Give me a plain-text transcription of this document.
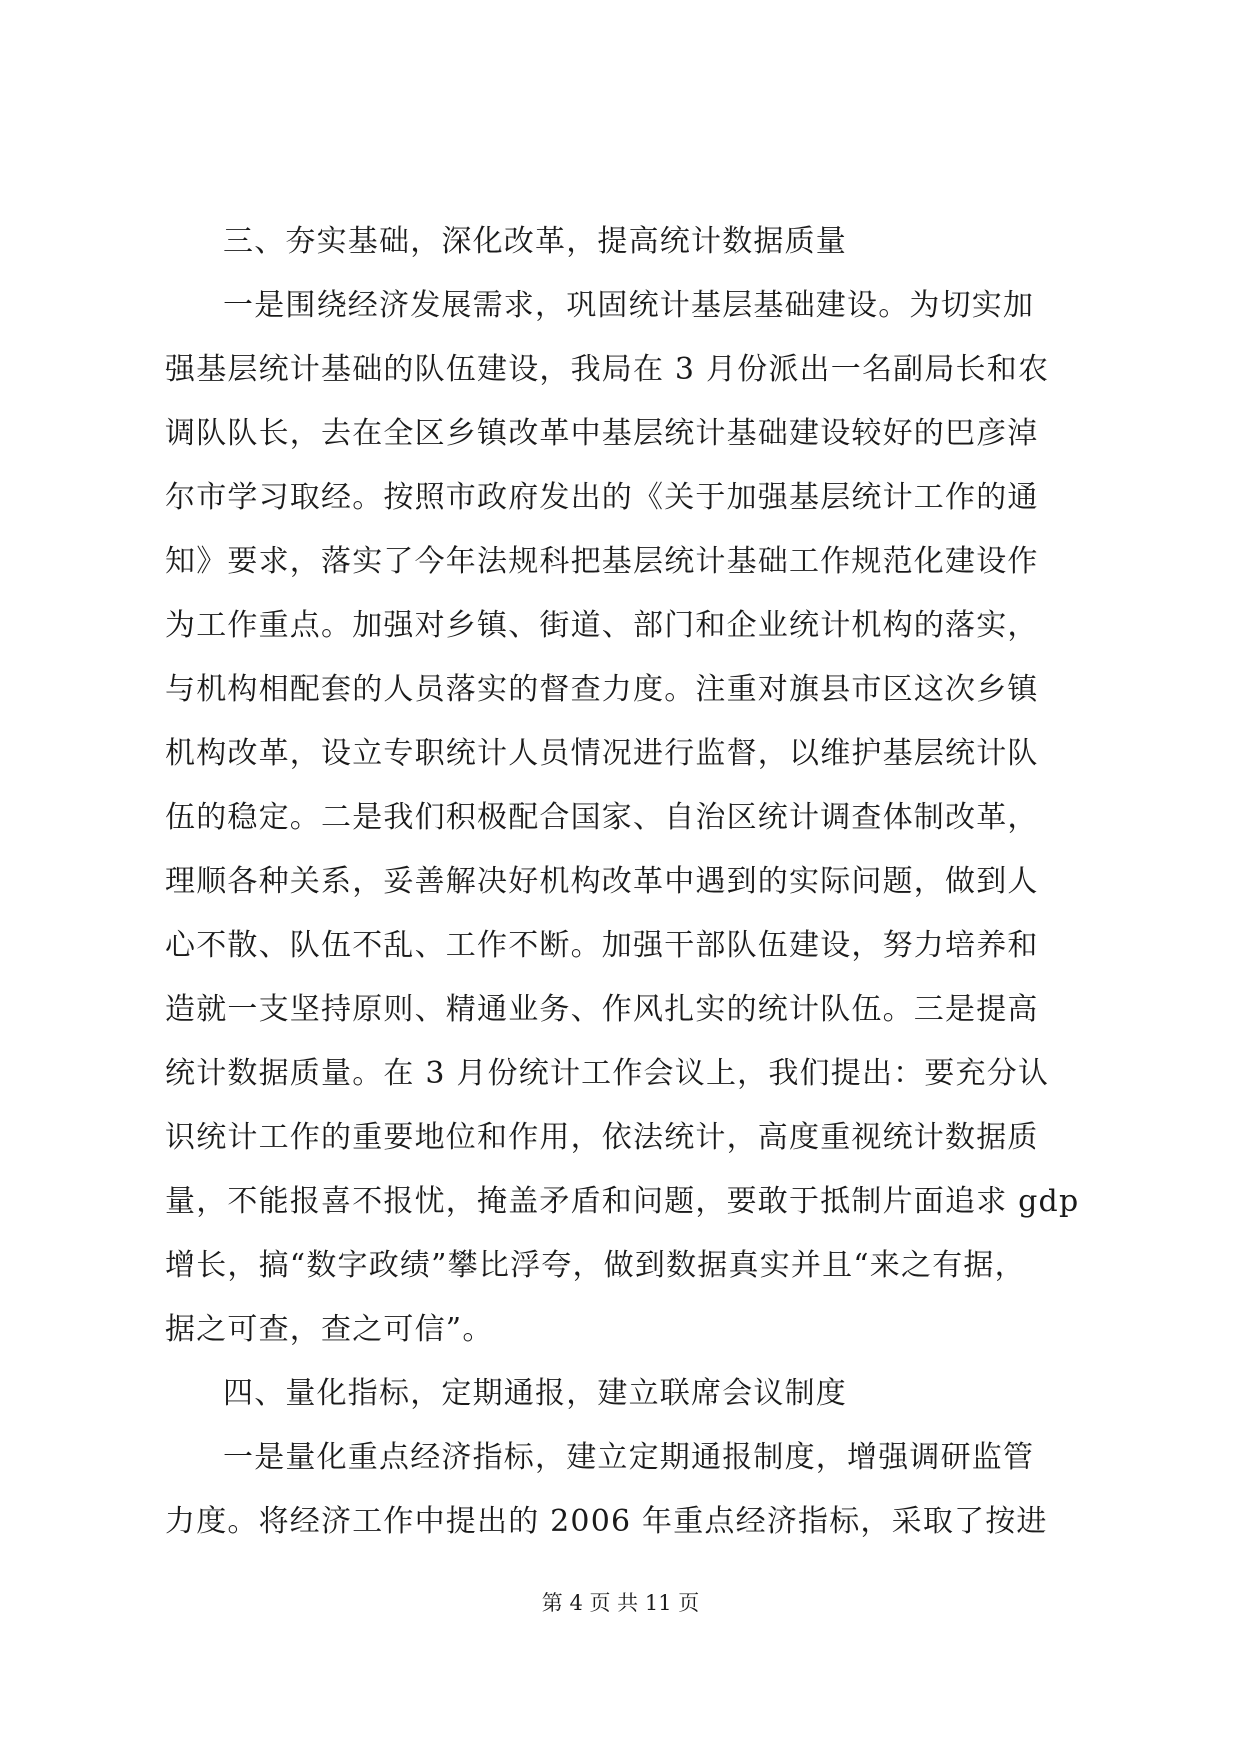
三、夯实基础，深化改革，提高统计数据质量
一是围绕经济发展需求，巩固统计基层基础建设。为切实加
强基层统计基础的队伍建设，我局在 3 月份派出一名副局长和农
调队队长，去在全区乡镇改革中基层统计基础建设较好的巴彦淖
尔市学习取经。按照市政府发出的《关于加强基层统计工作的通
知》要求，落实了今年法规科把基层统计基础工作规范化建设作
为工作重点。加强对乡镇、街道、部门和企业统计机构的落实，
与机构相配套的人员落实的督查力度。注重对旗县市区这次乡镇
机构改革，设立专职统计人员情况进行监督，以维护基层统计队
伍的稳定。二是我们积极配合国家、自治区统计调查体制改革，
理顺各种关系，妥善解决好机构改革中遇到的实际问题，做到人
心不散、队伍不乱、工作不断。加强干部队伍建设，努力培养和
造就一支坚持原则、精通业务、作风扎实的统计队伍。三是提高
统计数据质量。在 3 月份统计工作会议上，我们提出：要充分认
识统计工作的重要地位和作用，依法统计，高度重视统计数据质
量，不能报喜不报忧，掩盖矛盾和问题，要敢于抵制片面追求 gdp
增长，搞“数字政绩”攀比浮夸，做到数据真实并且“来之有据，
据之可查，查之可信”。
四、量化指标，定期通报，建立联席会议制度
一是量化重点经济指标，建立定期通报制度，增强调研监管
力度。将经济工作中提出的 2006 年重点经济指标，采取了按进
第 4 页 共 11 页
